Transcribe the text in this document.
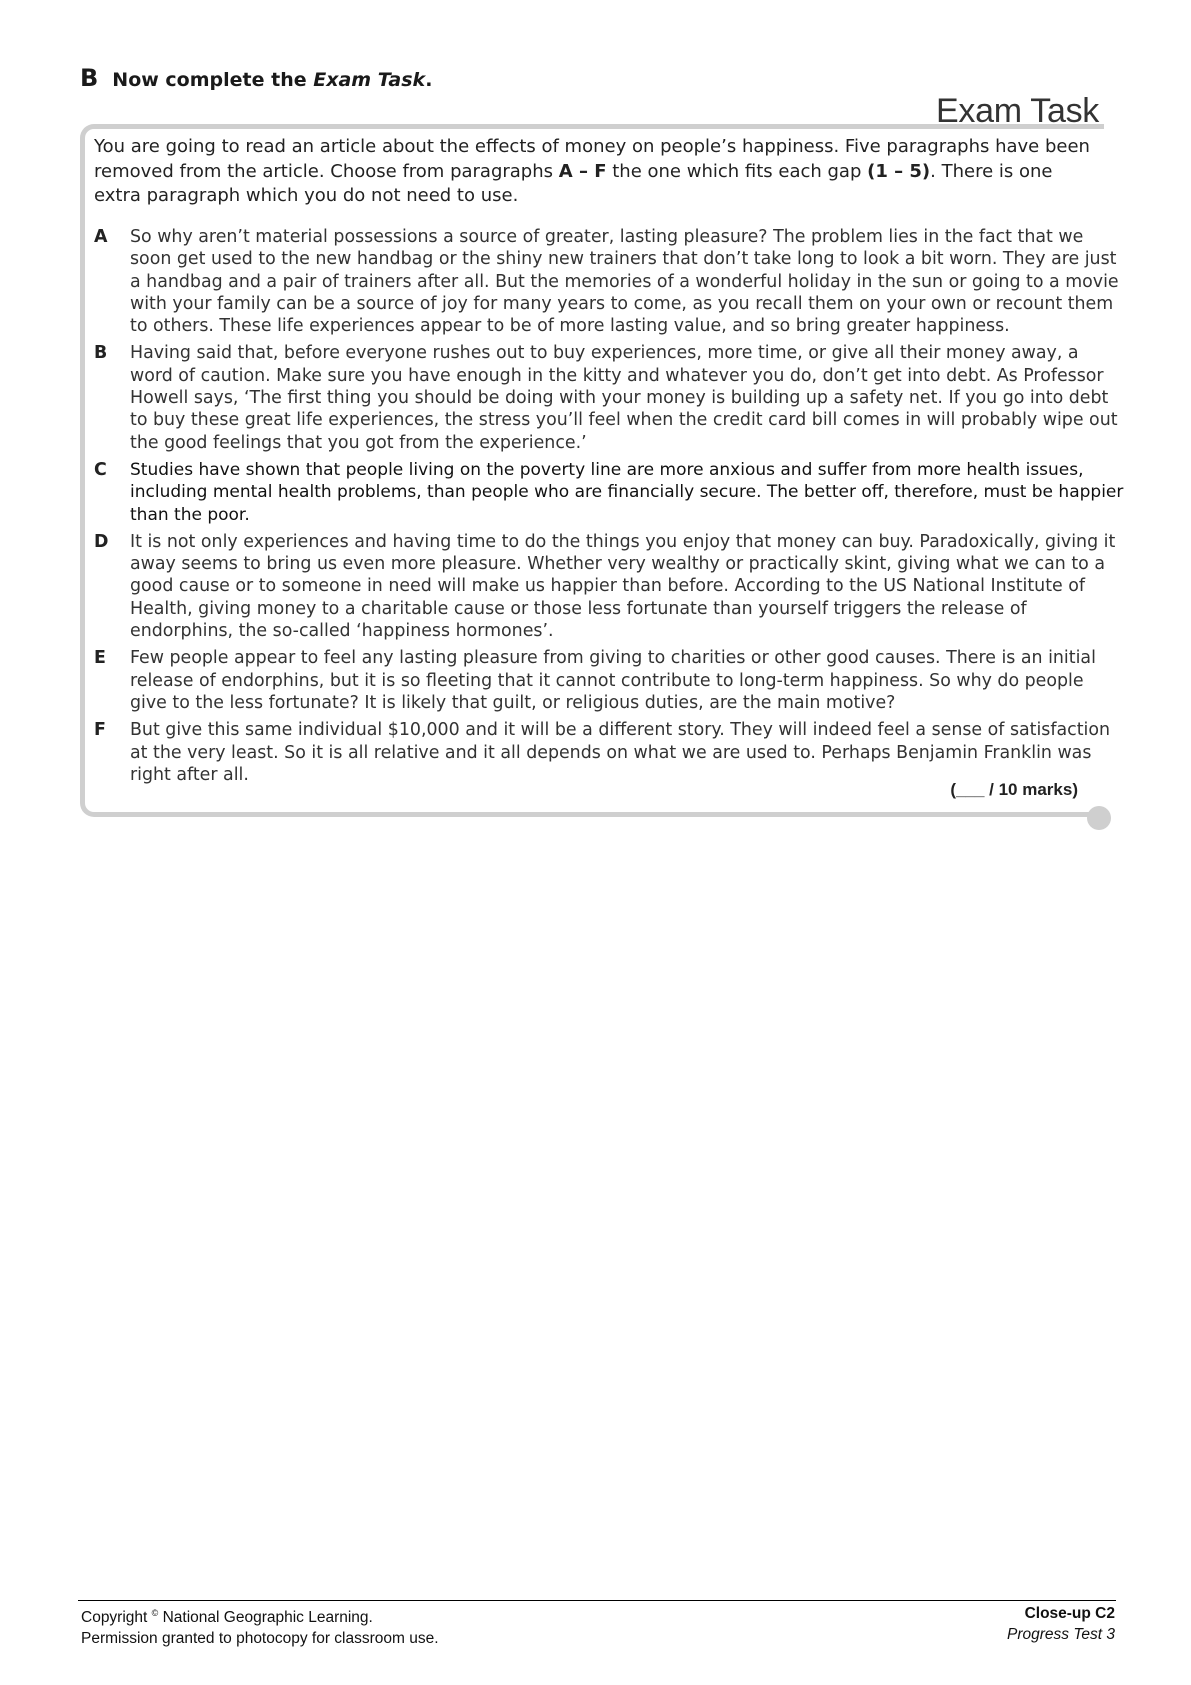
B Now complete the Exam Task.
Exam Task
You are going to read an article about the effects of money on people’s happiness. Five paragraphs have been removed from the article. Choose from paragraphs A – F the one which fits each gap (1 – 5). There is one extra paragraph which you do not need to use.
A	So why aren’t material possessions a source of greater, lasting pleasure? The problem lies in the fact that we soon get used to the new handbag or the shiny new trainers that don’t take long to look a bit worn. They are just a handbag and a pair of trainers after all. But the memories of a wonderful holiday in the sun or going to a movie with your family can be a source of joy for many years to come, as you recall them on your own or recount them to others. These life experiences appear to be of more lasting value, and so bring greater happiness.
B	Having said that, before everyone rushes out to buy experiences, more time, or give all their money away, a word of caution. Make sure you have enough in the kitty and whatever you do, don’t get into debt. As Professor Howell says, ‘The first thing you should be doing with your money is building up a safety net. If you go into debt to buy these great life experiences, the stress you’ll feel when the credit card bill comes in will probably wipe out the good feelings that you got from the experience.’
C	Studies have shown that people living on the poverty line are more anxious and suffer from more health issues, including mental health problems, than people who are financially secure. The better off, therefore, must be happier than the poor.
D	It is not only experiences and having time to do the things you enjoy that money can buy. Paradoxically, giving it away seems to bring us even more pleasure. Whether very wealthy or practically skint, giving what we can to a good cause or to someone in need will make us happier than before. According to the US National Institute of Health, giving money to a charitable cause or those less fortunate than yourself triggers the release of endorphins, the so-called ‘happiness hormones’.
E	Few people appear to feel any lasting pleasure from giving to charities or other good causes. There is an initial release of endorphins, but it is so fleeting that it cannot contribute to long-term happiness. So why do people give to the less fortunate? It is likely that guilt, or religious duties, are the main motive?
F	But give this same individual $10,000 and it will be a different story. They will indeed feel a sense of satisfaction at the very least. So it is all relative and it all depends on what we are used to. Perhaps Benjamin Franklin was right after all.
(___ / 10 marks)
Copyright © National Geographic Learning.
Permission granted to photocopy for classroom use.
Close-up C2
Progress Test 3
